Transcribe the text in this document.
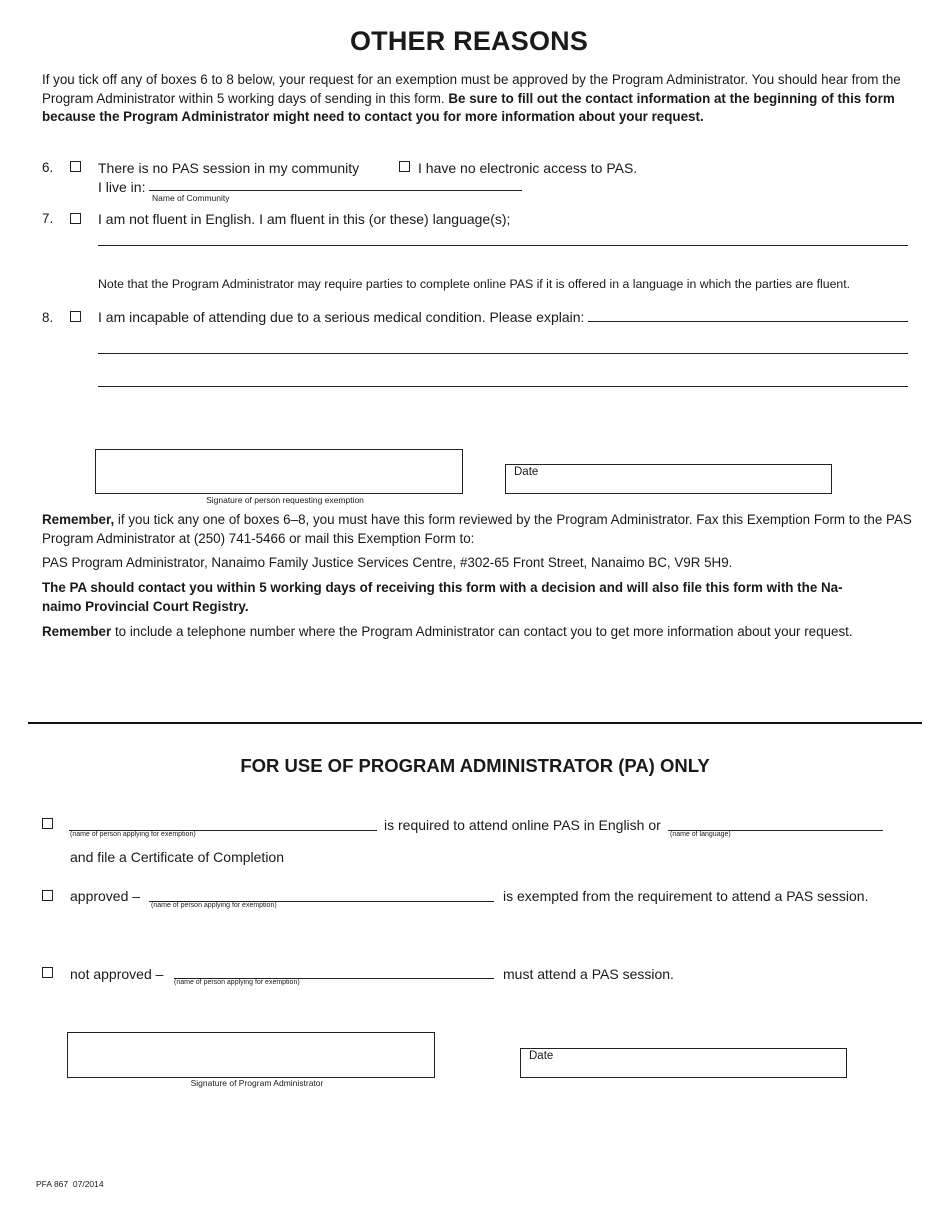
OTHER REASONS
If you tick off any of boxes 6 to 8 below, your request for an exemption must be approved by the Program Administrator. You should hear from the Program Administrator within 5 working days of sending in this form. Be sure to fill out the contact information at the beginning of this form because the Program Administrator might need to contact you for more information about your request.
6.	There is no PAS session in my community	I have no electronic access to PAS.
I live in:
Name of Community
7.	I am not fluent in English. I am fluent in this (or these) language(s);
Note that the Program Administrator may require parties to complete online PAS if it is offered in a language in which the parties are fluent.
8.	I am incapable of attending due to a serious medical condition. Please explain:
Signature of person requesting exemption
Date
Remember, if you tick any one of boxes 6–8, you must have this form reviewed by the Program Administrator. Fax this Exemption Form to the PAS Program Administrator at (250) 741-5466 or mail this Exemption Form to:
PAS Program Administrator, Nanaimo Family Justice Services Centre, #302-65 Front Street, Nanaimo BC, V9R 5H9.
The PA should contact you within 5 working days of receiving this form with a decision and will also file this form with the Na-
naimo Provincial Court Registry.
Remember to include a telephone number where the Program Administrator can contact you to get more information about your request.
FOR USE OF PROGRAM ADMINISTRATOR (PA) ONLY
(name of person applying for exemption)
is required to attend online PAS in English or
(name of language)
and file a Certificate of Completion
approved –
(name of person applying for exemption)
is exempted from the requirement to attend a PAS session.
not approved –
(name of person applying for exemption)
must attend a PAS session.
Signature of Program Administrator
Date
PFA 867 07/2014
